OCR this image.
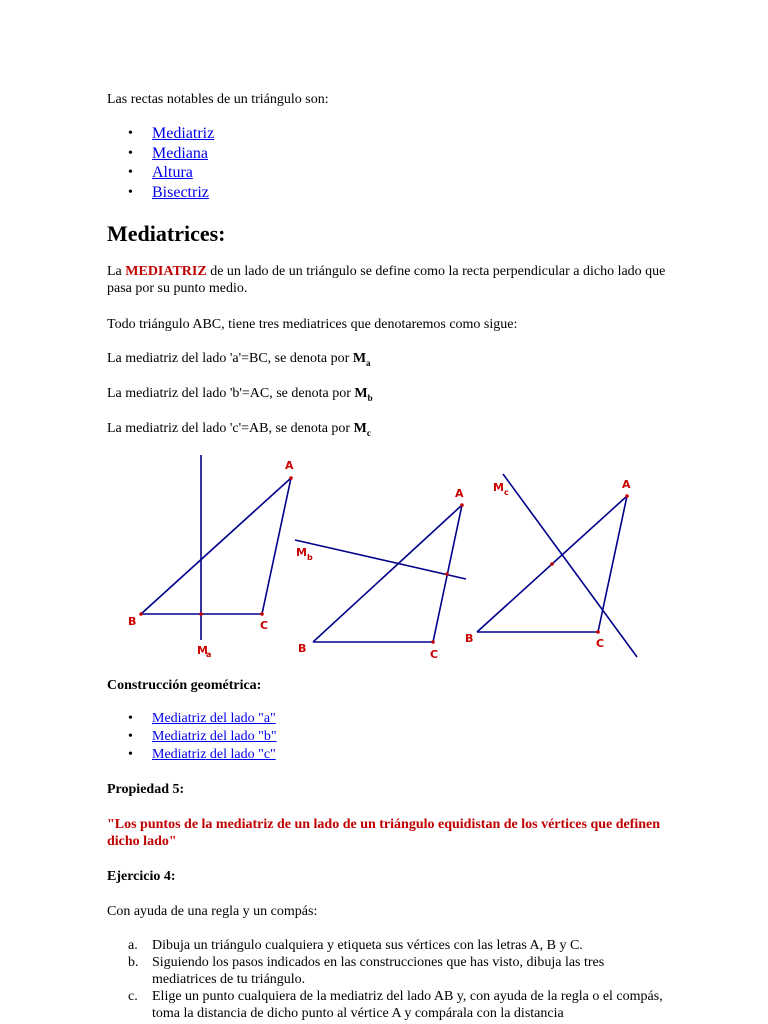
Las rectas notables de un triángulo son:

• Mediatriz
• Mediana
• Altura
• Bisectriz
Mediatrices:

La MEDIATRIZ de un lado de un triángulo se define como la recta perpendicular a dicho lado que pasa por su punto medio.

Todo triángulo ABC, tiene tres mediatrices que denotaremos como sigue:

La mediatriz del lado 'a'=BC, se denota por $M_a$

La mediatriz del lado 'b'=AC, se denota por $M_b$

La mediatriz del lado 'c'=AB, se denota por $M_c$

Construcción geométrica:

• Mediatriz del lado "a"
• Mediatriz del lado "b"
• Mediatriz del lado "c"

Propiedad 5:

"Los puntos de la mediatriz de un lado de un triángulo equidistan de los vértices que definen dicho lado"

Ejercicio 4:

Con ayuda de una regla y un compás:

a. Dibuja un triángulo cualquiera y etiqueta sus vértices con las letras A, B y C.
b. Siguiendo los pasos indicados en las construcciones que has visto, dibuja las tres mediatrices de tu triángulo.
c. Elige un punto cualquiera de la mediatriz del lado AB y, con ayuda de la regla o el compás, toma la distancia de dicho punto al vértice A y compárala con la distancia
A
B	C
M
a
A
B	C
M b
A
B	C
M c
